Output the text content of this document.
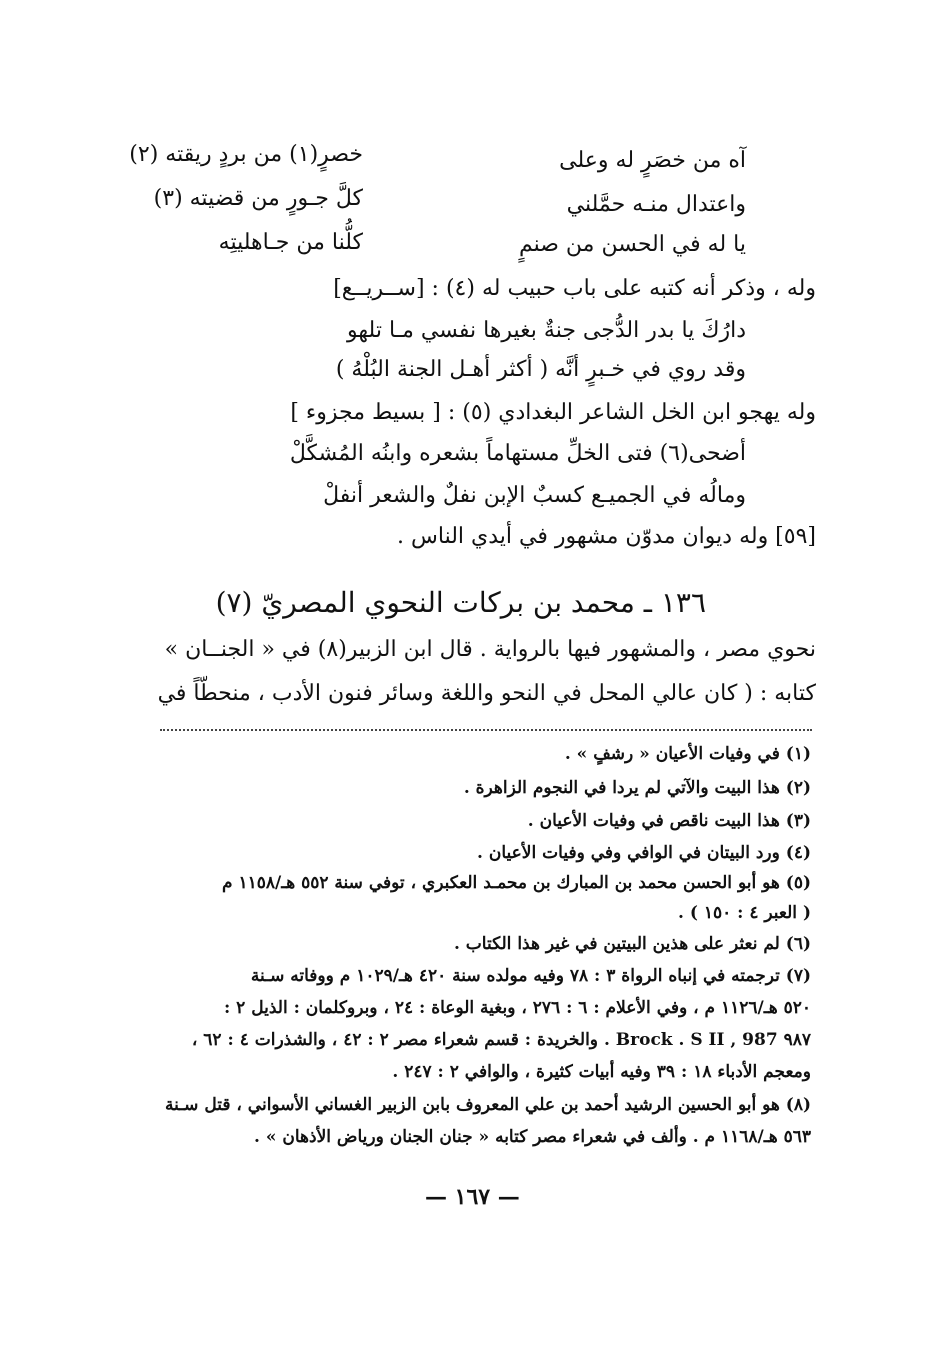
آه من خصَرٍ له وعلى
خصرٍ(١) من بردٍ ريقته (٢)
واعتدال منـه حمَّلني
كلَّ جـورٍ من قضيته (٣)
يا له في الحسن من صنمٍ
كلُّنا من جـاهليتِه
وله ، وذكر أنه كتبه على باب حبيب له (٤) : [ســريــع]
دارُكَ يا بدر الدُّجى جنةٌ بغيرها نفسي مـا تلهو
وقد روي في خـبرٍ أنَّه ( أكثر أهـل الجنة البُلْهُ )
وله يهجو ابن الخل الشاعر البغدادي (٥) : [ بسيط مجزوء ]
أضحى(٦) فتى الخلِّ مستهاماً بشعره وابنُه المُشكَّلْ
ومالُه في الجميـع كسبٌ الإبن نفلٌ والشعر أنفلْ
[٥٩] وله ديوان مدوّن مشهور في أيدي الناس .
١٣٦ ـ محمد بن بركات النحوي المصريّ (٧)
نحوي مصر ، والمشهور فيها بالرواية . قال ابن الزبير(٨) في « الجنــان »
كتابه : ( كان عالي المحل في النحو واللغة وسائر فنون الأدب ، منحطّاً في
(١) في وفيات الأعيان « رشفٍ » .
(٢) هذا البيت والآتي لم يردا في النجوم الزاهرة .
(٣) هذا البيت ناقص في وفيات الأعيان .
(٤) ورد البيتان في الوافي وفي وفيات الأعيان .
(٥) هو أبو الحسن محمد بن المبارك بن محمـد العكبري ، توفي سنة ٥٥٢ هـ/١١٥٨ م
( العبر ٤ : ١٥٠ ) .
(٦) لم نعثر على هذين البيتين في غير هذا الكتاب .
(٧) ترجمته في إنباه الرواة ٣ : ٧٨ وفيه مولده سنة ٤٢٠ هـ/١٠٢٩ م ووفاته سـنة
٥٢٠ هـ/١١٢٦ م ، وفي الأعلام : ٦ : ٢٧٦ ، وبغية الوعاة : ٢٤ ، وبروكلمان : الذيل ٢ :
٩٨٧ Brock . S II , 987 . والخريدة : قسم شعراء مصر ٢ : ٤٢ ، والشذرات ٤ : ٦٢ ،
ومعجم الأدباء ١٨ : ٣٩ وفيه أبيات كثيرة ، والوافي ٢ : ٢٤٧ .
(٨) هو أبو الحسين الرشيد أحمد بن علي المعروف بابن الزبير الغساني الأسواني ، قتل سـنة
٥٦٣ هـ/١١٦٨ م . وألف في شعراء مصر كتابه « جنان الجنان ورياض الأذهان » .
— ١٦٧ —
